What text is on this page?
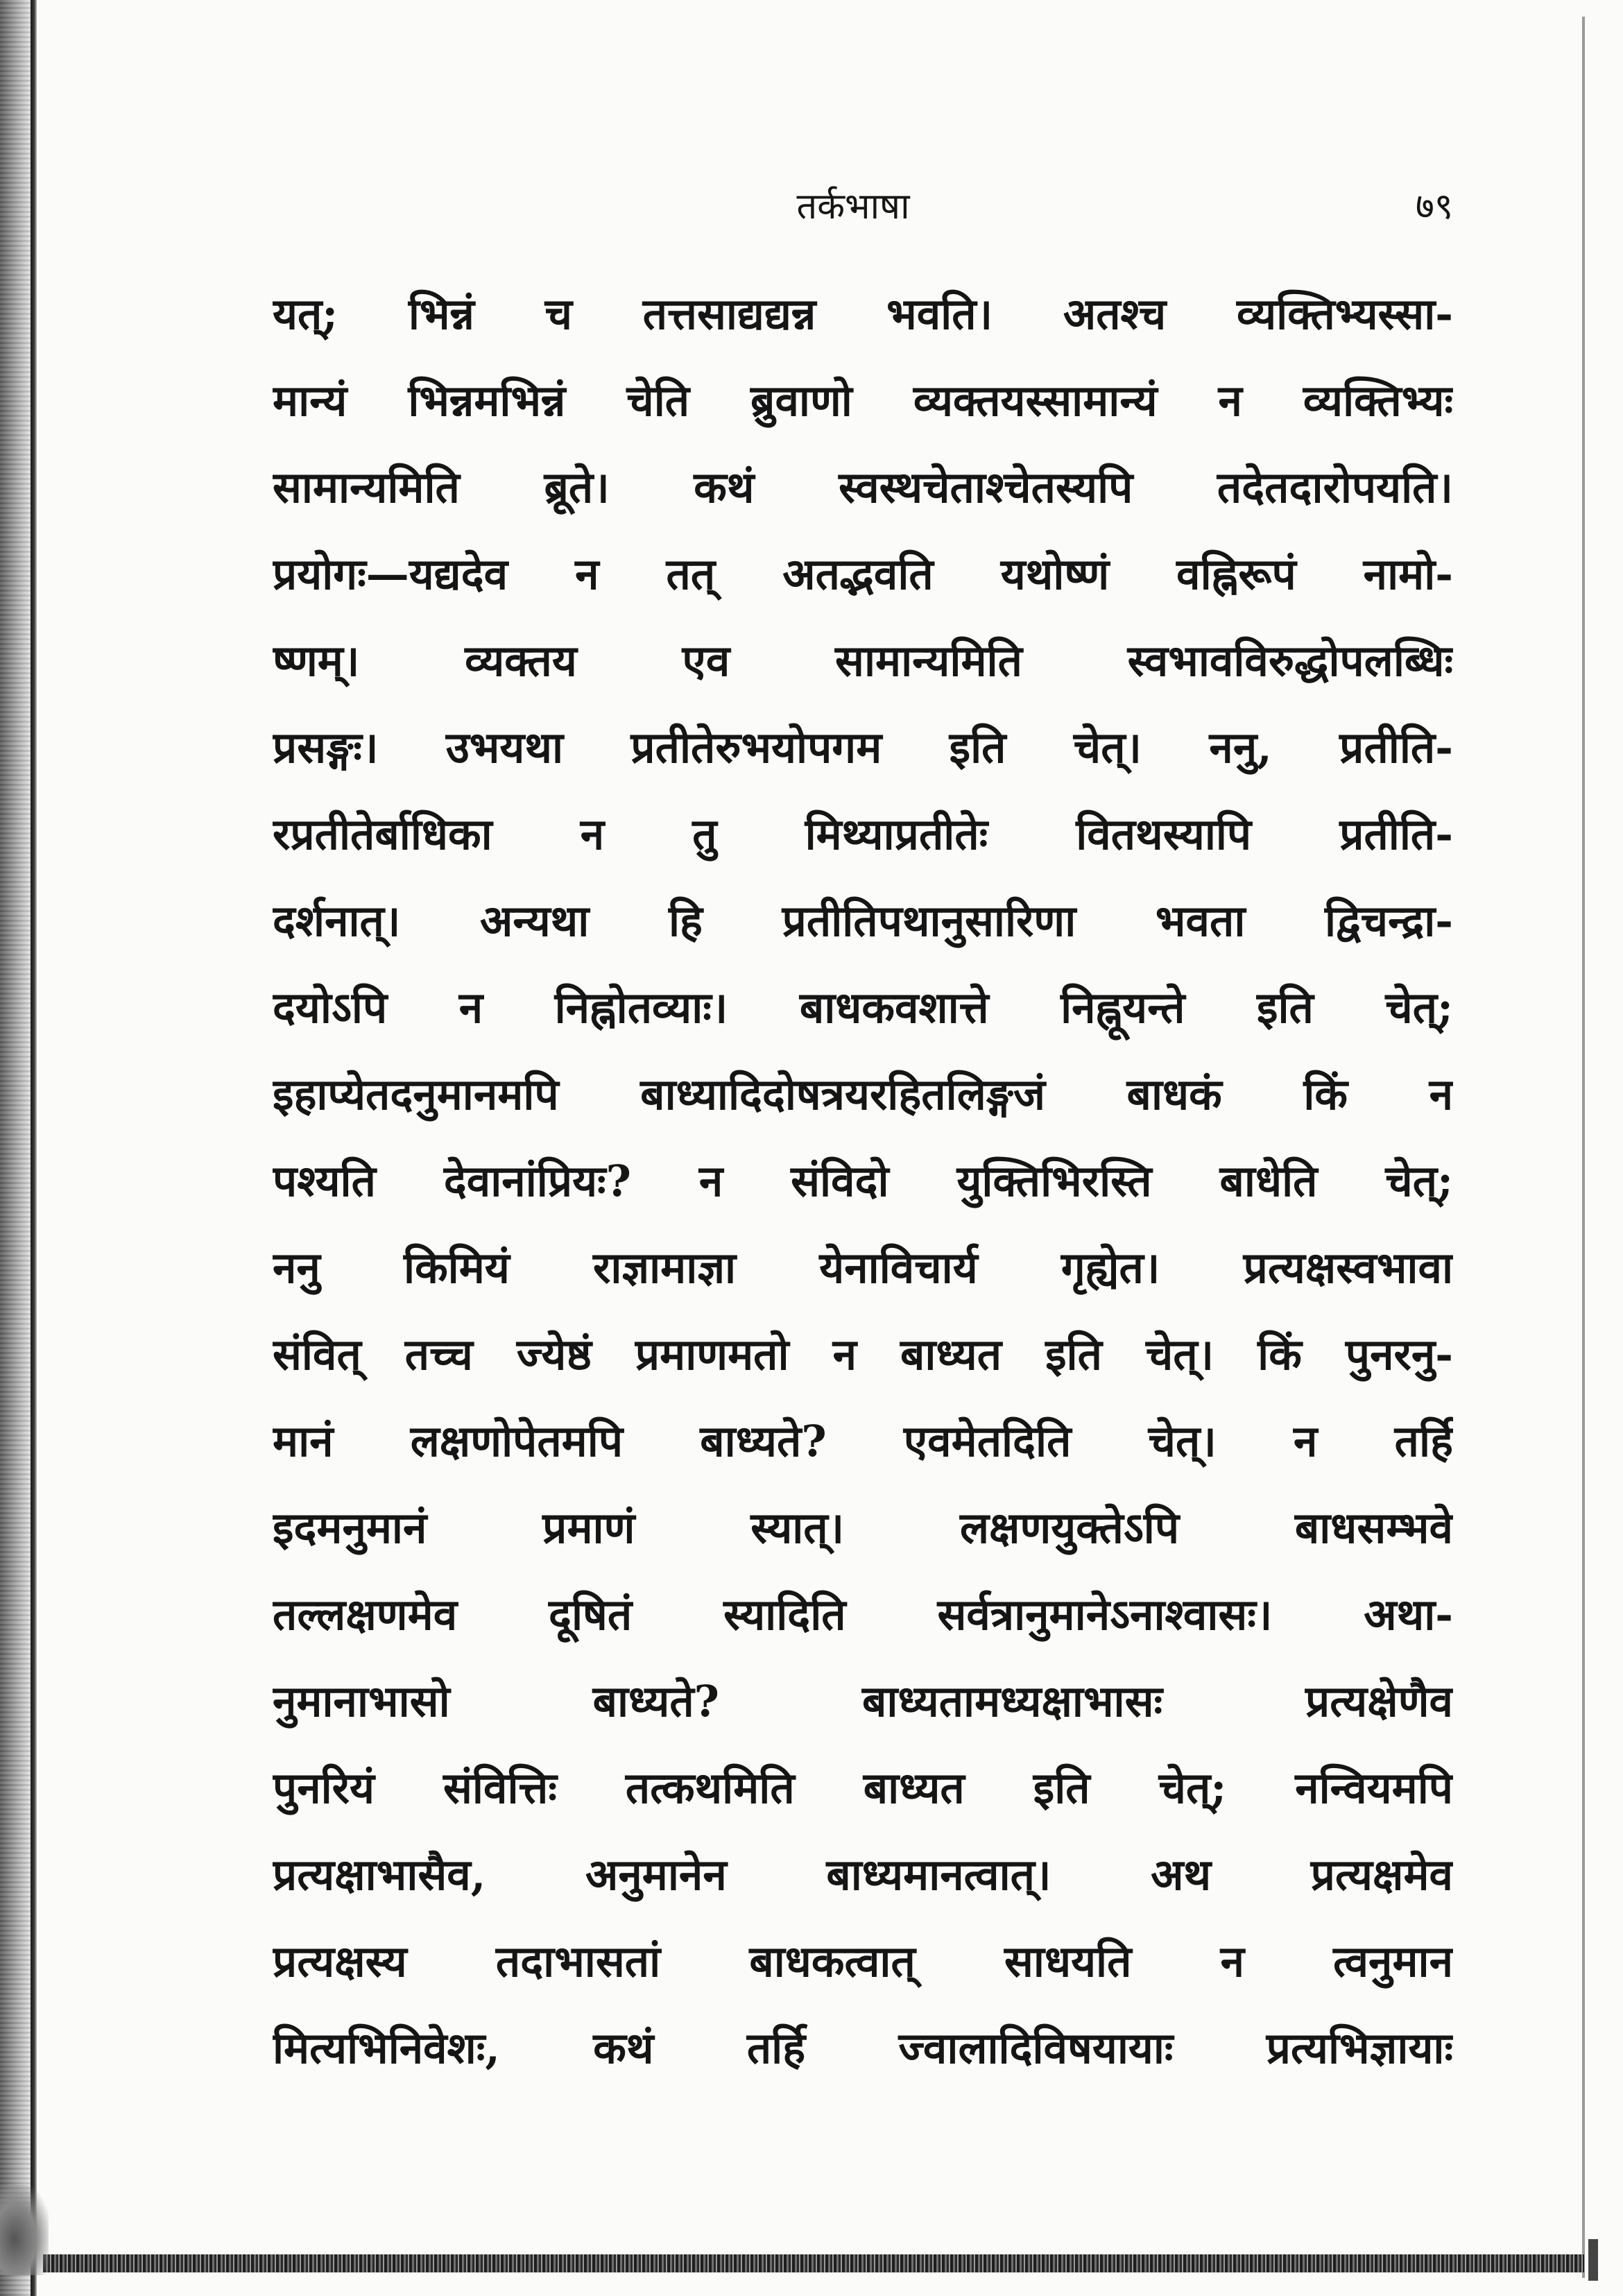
तर्कभाषा	७९
यत्; भिन्नं च तत्तसाद्यद्यन्न भवति। अतश्च व्यक्तिभ्यस्सा-
मान्यं भिन्नमभिन्नं चेति ब्रुवाणो व्यक्तयस्सामान्यं न व्यक्तिभ्यः
सामान्यमिति ब्रूते। कथं स्वस्थचेताश्चेतस्यपि तदेतदारोपयति।
प्रयोगः—यद्यदेव न तत् अतद्भवति यथोष्णं वह्निरूपं नामो-
ष्णम्। व्यक्तय एव सामान्यमिति स्वभावविरुद्धोपलब्धिः
प्रसङ्गः। उभयथा प्रतीतेरुभयोपगम इति चेत्। ननु, प्रतीति-
रप्रतीतेर्बाधिका न तु मिथ्याप्रतीतेः वितथस्यापि प्रतीति-
दर्शनात्। अन्यथा हि प्रतीतिपथानुसारिणा भवता द्विचन्द्रा-
दयोऽपि न निह्नोतव्याः। बाधकवशात्ते निह्नूयन्ते इति चेत्;
इहाप्येतदनुमानमपि बाध्यादिदोषत्रयरहितलिङ्गजं बाधकं किं न
पश्यति देवानांप्रियः? न संविदो युक्तिभिरस्ति बाधेति चेत्;
ननु किमियं राज्ञामाज्ञा येनाविचार्य गृह्येत। प्रत्यक्षस्वभावा
संवित् तच्च ज्येष्ठं प्रमाणमतो न बाध्यत इति चेत्। किं पुनरनु-
मानं लक्षणोपेतमपि बाध्यते? एवमेतदिति चेत्। न तर्हि
इदमनुमानं प्रमाणं स्यात्। लक्षणयुक्तेऽपि बाधसम्भवे
तल्लक्षणमेव दूषितं स्यादिति सर्वत्रानुमानेऽनाश्वासः। अथा-
नुमानाभासो बाध्यते? बाध्यतामध्यक्षाभासः प्रत्यक्षेणैव
पुनरियं संवित्तिः तत्कथमिति बाध्यत इति चेत्; नन्वियमपि
प्रत्यक्षाभासैव, अनुमानेन बाध्यमानत्वात्। अथ प्रत्यक्षमेव
प्रत्यक्षस्य तदाभासतां बाधकत्वात् साधयति न त्वनुमान
मित्यभिनिवेशः, कथं तर्हि ज्वालादिविषयायाः प्रत्यभिज्ञायाः
